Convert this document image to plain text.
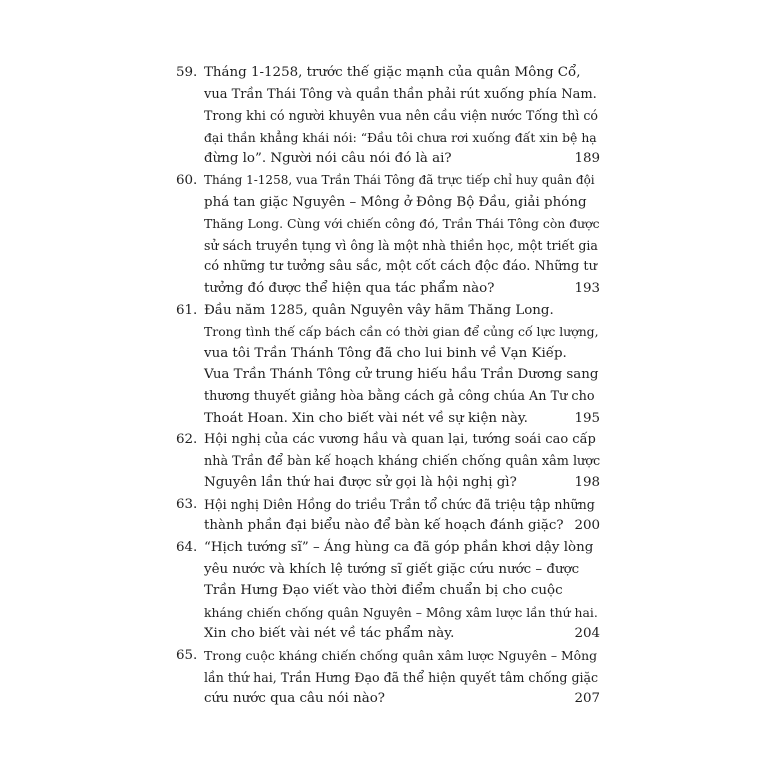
59. Tháng 1-1258, trước thế giặc mạnh của quân Mông Cổ,
vua Trần Thái Tông và quần thần phải rút xuống phía Nam.
Trong khi có người khuyên vua nên cầu viện nước Tống thì có
đại thần khẳng khái nói: “Đầu tôi chưa rơi xuống đất xin bệ hạ
đừng lo”. Người nói câu nói đó là ai?	189
60. Tháng 1-1258, vua Trần Thái Tông đã trực tiếp chỉ huy quân đội
phá tan giặc Nguyên – Mông ở Đông Bộ Đầu, giải phóng
Thăng Long. Cùng với chiến công đó, Trần Thái Tông còn được
sử sách truyền tụng vì ông là một nhà thiền học, một triết gia
có những tư tưởng sâu sắc, một cốt cách độc đáo. Những tư
tưởng đó được thể hiện qua tác phẩm nào?	193
61. Đầu năm 1285, quân Nguyên vây hãm Thăng Long.
Trong tình thế cấp bách cần có thời gian để củng cố lực lượng,
vua tôi Trần Thánh Tông đã cho lui binh về Vạn Kiếp.
Vua Trần Thánh Tông cử trung hiếu hầu Trần Dương sang
thương thuyết giảng hòa bằng cách gả công chúa An Tư cho
Thoát Hoan. Xin cho biết vài nét về sự kiện này.	195
62. Hội nghị của các vương hầu và quan lại, tướng soái cao cấp
nhà Trần để bàn kế hoạch kháng chiến chống quân xâm lược
Nguyên lần thứ hai được sử gọi là hội nghị gì?	198
63. Hội nghị Diên Hồng do triều Trần tổ chức đã triệu tập những
thành phần đại biểu nào để bàn kế hoạch đánh giặc? 200
64. “Hịch tướng sĩ” – Áng hùng ca đã góp phần khơi dậy lòng
yêu nước và khích lệ tướng sĩ giết giặc cứu nước – được
Trần Hưng Đạo viết vào thời điểm chuẩn bị cho cuộc
kháng chiến chống quân Nguyên – Mông xâm lược lần thứ hai.
Xin cho biết vài nét về tác phẩm này.	204
65. Trong cuộc kháng chiến chống quân xâm lược Nguyên – Mông
lần thứ hai, Trần Hưng Đạo đã thể hiện quyết tâm chống giặc
cứu nước qua câu nói nào?	207
